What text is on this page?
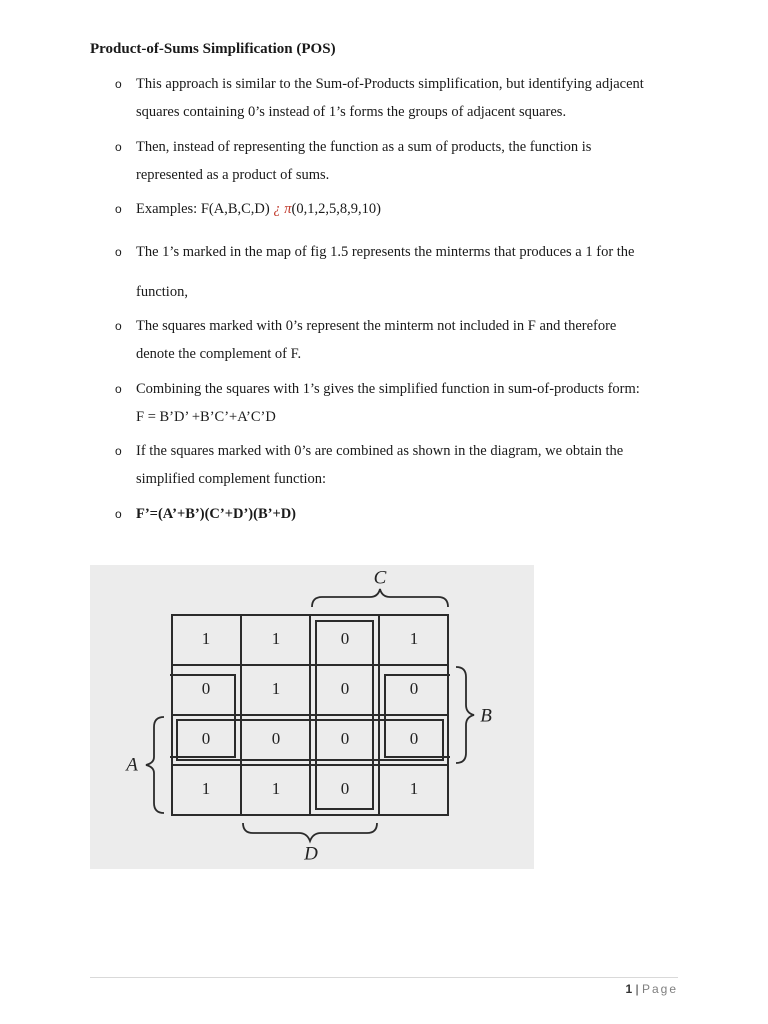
Product-of-Sums Simplification (POS)
o This approach is similar to the Sum-of-Products simplification, but identifying adjacent
squares containing 0’s instead of 1’s forms the groups of adjacent squares.
o Then, instead of representing the function as a sum of products, the function is
represented as a product of sums.
o Examples: F(A,B,C,D) ¿ π(0,1,2,5,8,9,10)
o The 1’s marked in the map of fig 1.5 represents the minterms that produces a 1 for the
function,
o The squares marked with 0’s represent the minterm not included in F and therefore
denote the complement of F.
o Combining the squares with 1’s gives the simplified function in sum-of-products form:
F = B’D’ +B’C’+A’C’D
o If the squares marked with 0’s are combined as shown in the diagram, we obtain the
simplified complement function:
o F’=(A’+B’)(C’+D’)(B’+D)
1	1	0	1
0	1	0	0
0	0	0	0
1	1	0	1
C
B
A
D
1 | Page
